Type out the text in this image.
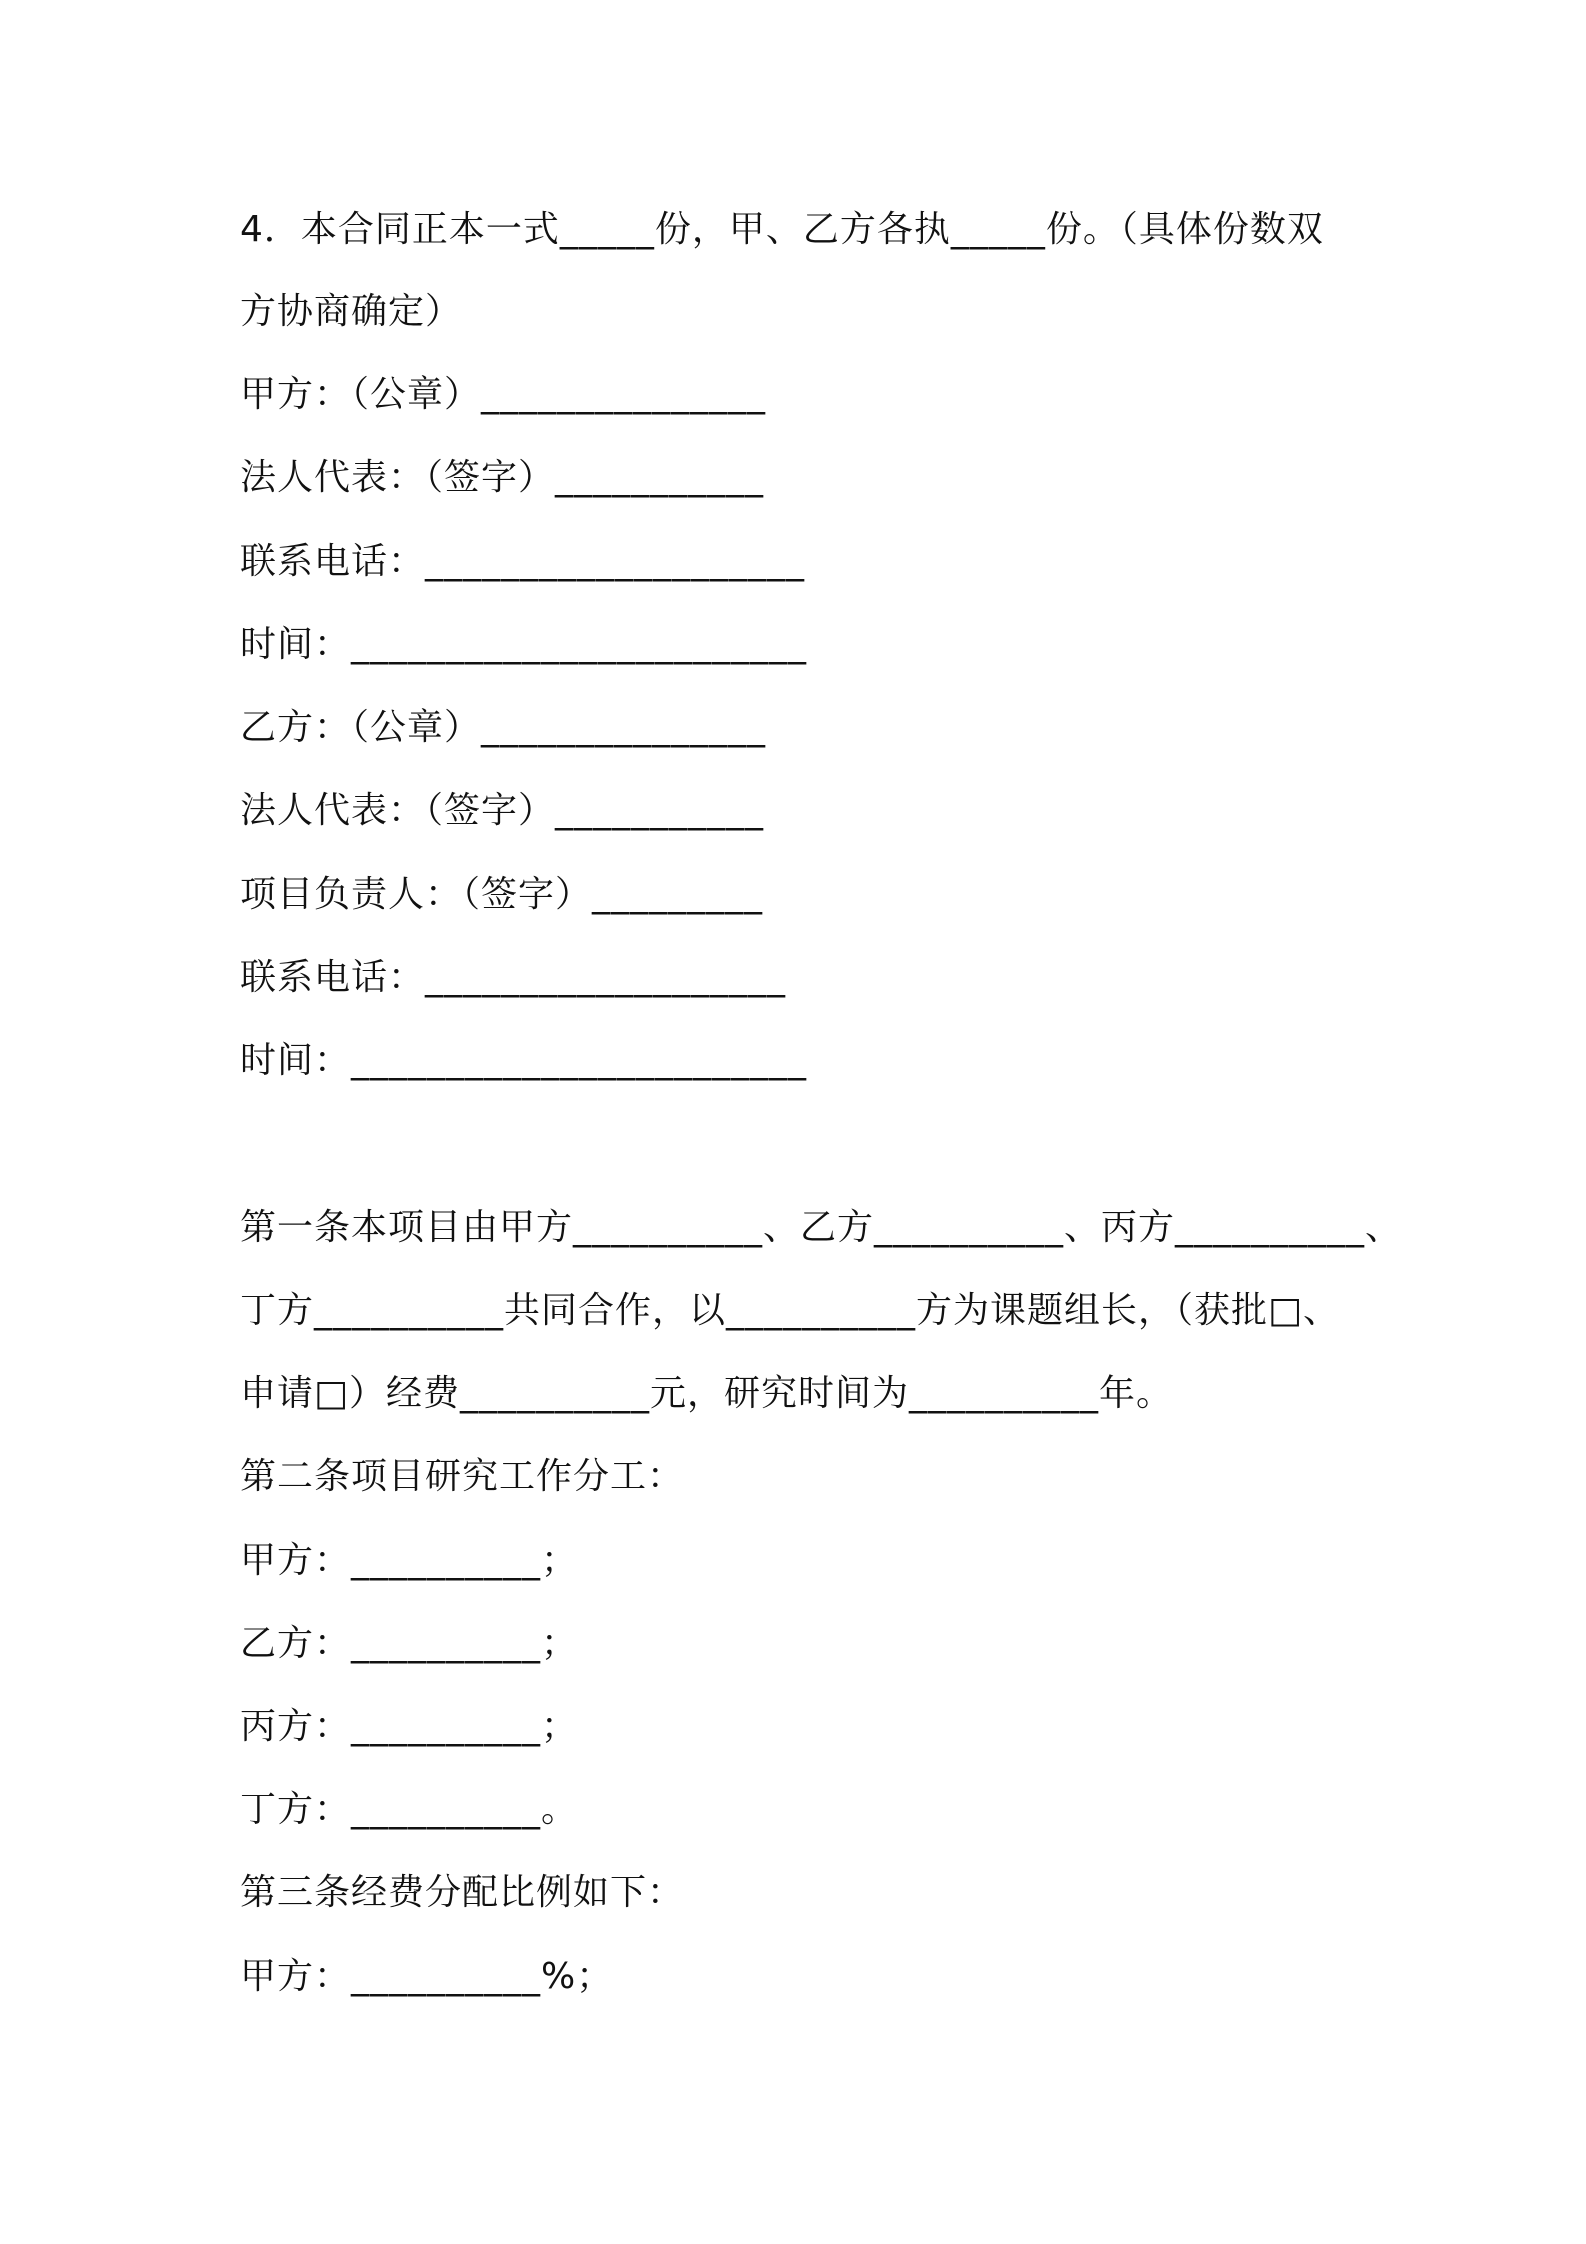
4．本合同正本一式_____份，甲、乙方各执_____份。（具体份数双

方协商确定）

甲方：（公章）_______________

法人代表：（签字）___________

联系电话：____________________

时间：________________________

乙方：（公章）_______________

法人代表：（签字）___________

项目负责人：（签字）_________

联系电话：___________________

时间：________________________

第一条本项目由甲方__________、乙方__________、丙方__________、

丁方__________共同合作，以__________方为课题组长，（获批□、

申请□）经费__________元，研究时间为__________年。

第二条项目研究工作分工：

甲方：__________；

乙方：__________；

丙方：__________；

丁方：__________。

第三条经费分配比例如下：

甲方：__________%；
